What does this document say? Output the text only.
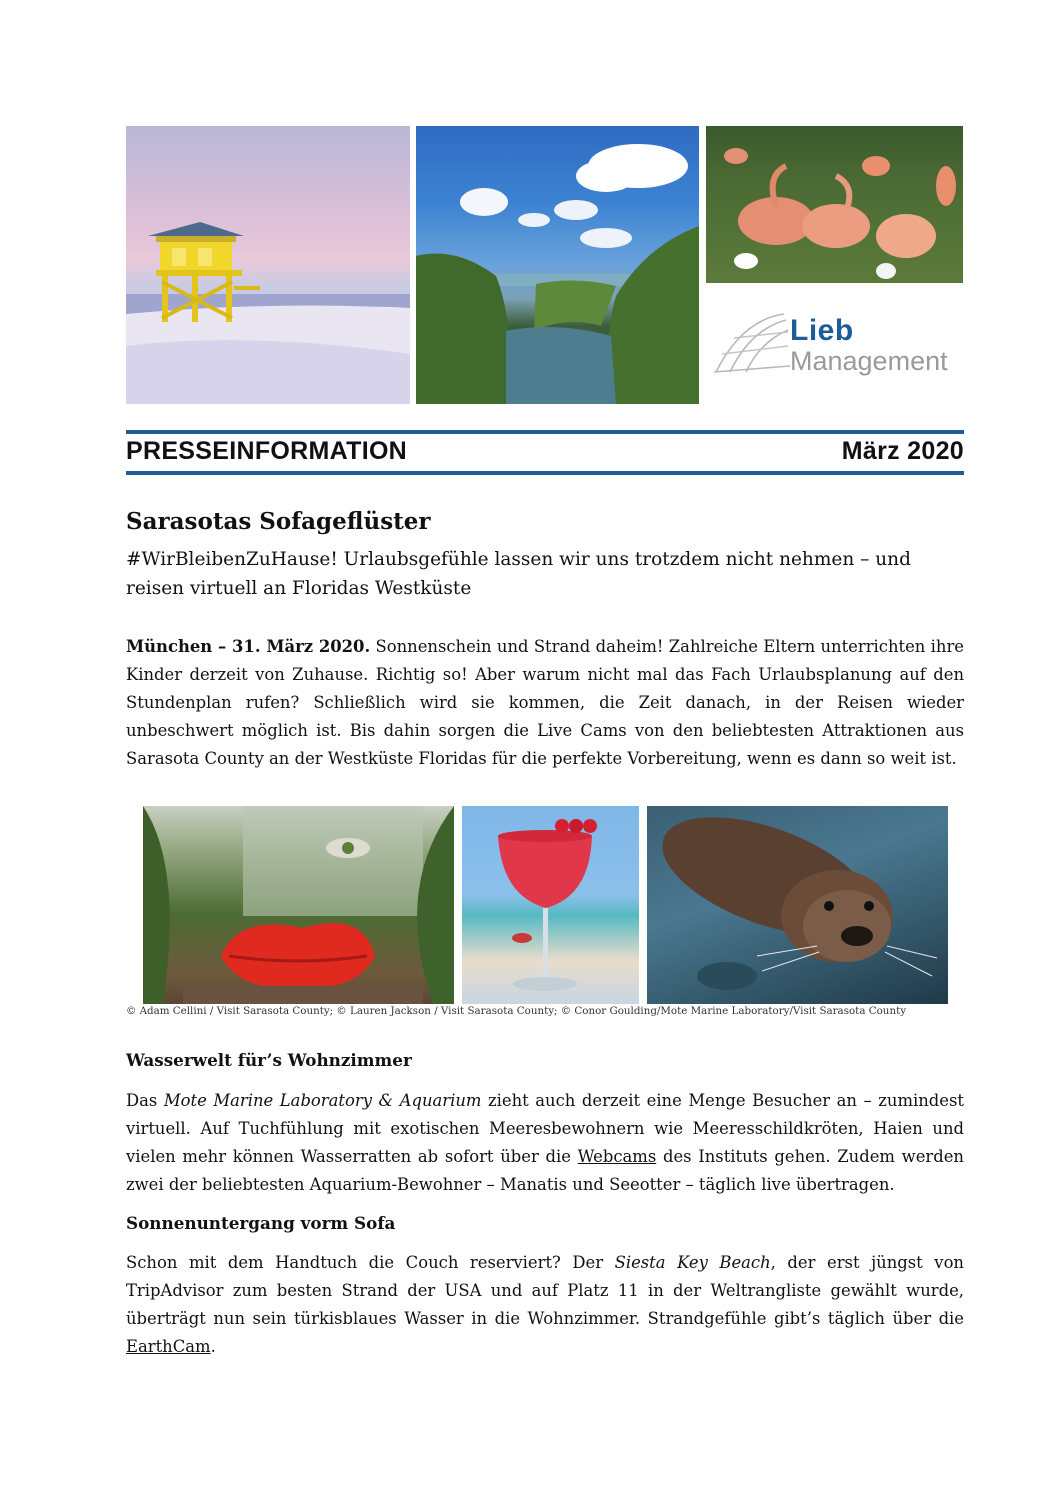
Lieb
Management
PRESSEINFORMATION	März 2020
Sarasotas Sofageflüster
#WirBleibenZuHause! Urlaubsgefühle lassen wir uns trotzdem nicht nehmen – und reisen virtuell an Floridas Westküste
München – 31. März 2020. Sonnenschein und Strand daheim! Zahlreiche Eltern unterrichten ihre Kinder derzeit von Zuhause. Richtig so! Aber warum nicht mal das Fach Urlaubsplanung auf den Stundenplan rufen? Schließlich wird sie kommen, die Zeit danach, in der Reisen wieder unbeschwert möglich ist. Bis dahin sorgen die Live Cams von den beliebtesten Attraktionen aus Sarasota County an der Westküste Floridas für die perfekte Vorbereitung, wenn es dann so weit ist.
© Adam Cellini / Visit Sarasota County; © Lauren Jackson / Visit Sarasota County; © Conor Goulding/Mote Marine Laboratory/Visit Sarasota County
Wasserwelt für’s Wohnzimmer
Das Mote Marine Laboratory & Aquarium zieht auch derzeit eine Menge Besucher an – zumindest virtuell. Auf Tuchfühlung mit exotischen Meeresbewohnern wie Meeresschildkröten, Haien und vielen mehr können Wasserratten ab sofort über die Webcams des Instituts gehen. Zudem werden zwei der beliebtesten Aquarium-Bewohner – Manatis und Seeotter – täglich live übertragen.
Sonnenuntergang vorm Sofa
Schon mit dem Handtuch die Couch reserviert? Der Siesta Key Beach, der erst jüngst von TripAdvisor zum besten Strand der USA und auf Platz 11 in der Weltrangliste gewählt wurde, überträgt nun sein türkisblaues Wasser in die Wohnzimmer. Strandgefühle gibt’s täglich über die EarthCam.
